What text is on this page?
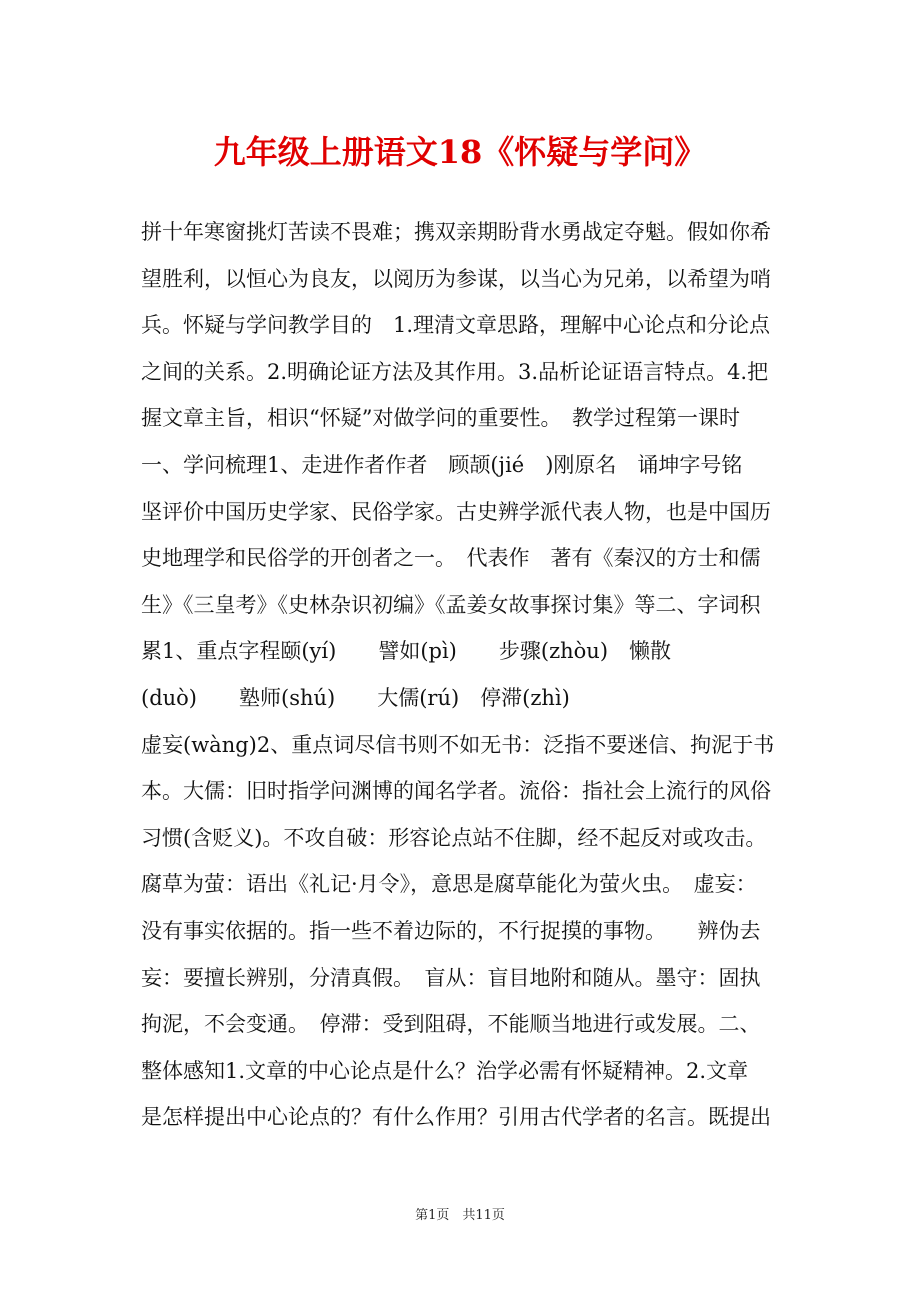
九年级上册语文18《怀疑与学问》
拼十年寒窗挑灯苦读不畏难；携双亲期盼背水勇战定夺魁。假如你希
望胜利，以恒心为良友，以阅历为参谋，以当心为兄弟，以希望为哨
兵。怀疑与学问教学目的　1.理清文章思路，理解中心论点和分论点
之间的关系。2.明确论证方法及其作用。3.品析论证语言特点。4.把
握文章主旨，相识“怀疑”对做学问的重要性。　教学过程第一课时
一、学问梳理1、走进作者作者　顾颉(jié　)刚原名　诵坤字号铭
坚评价中国历史学家、民俗学家。古史辨学派代表人物，也是中国历
史地理学和民俗学的开创者之一。　代表作　著有《秦汉的方士和儒
生》《三皇考》《史林杂识初编》《孟姜女故事探讨集》等二、字词积
累1、重点字程颐(yí)　　譬如(pì)　　步骤(zhòu)　懒散
(duò)　　塾师(shú)　　大儒(rú)　停滞(zhì)
虚妄(wàng)2、重点词尽信书则不如无书：泛指不要迷信、拘泥于书
本。大儒：旧时指学问渊博的闻名学者。流俗：指社会上流行的风俗
习惯(含贬义)。不攻自破：形容论点站不住脚，经不起反对或攻击。
腐草为萤：语出《礼记·月令》，意思是腐草能化为萤火虫。　虚妄：
没有事实依据的。指一些不着边际的，不行捉摸的事物。　　辨伪去
妄：要擅长辨别，分清真假。　盲从：盲目地附和随从。墨守：固执
拘泥，不会变通。　停滞：受到阻碍，不能顺当地进行或发展。二、
整体感知1.文章的中心论点是什么？治学必需有怀疑精神。2.文章
是怎样提出中心论点的？有什么作用？引用古代学者的名言。既提出
第1页　共11页
